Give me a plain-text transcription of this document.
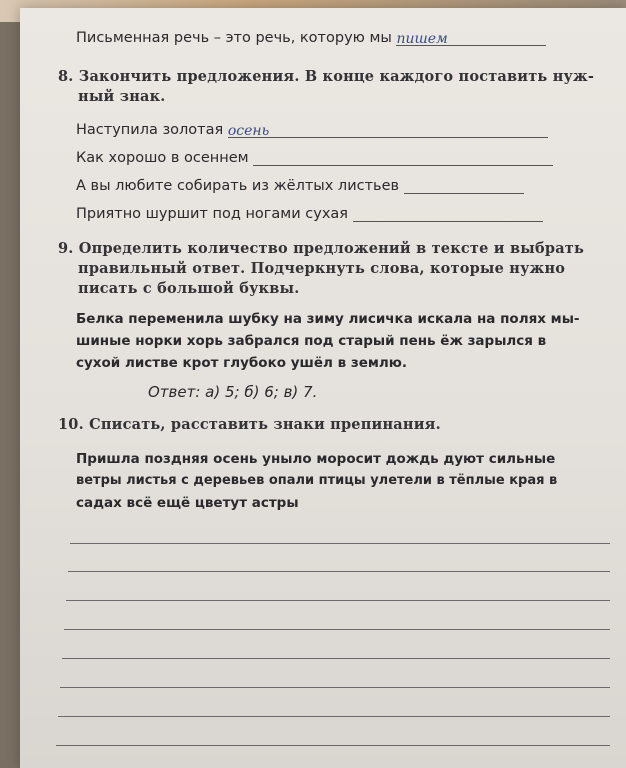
Письменная речь – это речь, которую мы пишем
8. Закончить предложения. В конце каждого поставить нуж-
ный знак.
Наступила золотая осень
Как хорошо в осеннем
А вы любите собирать из жёлтых листьев
Приятно шуршит под ногами сухая
9. Определить количество предложений в тексте и выбрать
правильный ответ. Подчеркнуть слова, которые нужно
писать с большой буквы.
Белка переменила шубку на зиму лисичка искала на полях мы-
шиные норки хорь забрался под старый пень ёж зарылся в
сухой листве крот глубоко ушёл в землю.
Ответ: а) 5; б) 6; в) 7.
10. Списать, расставить знаки препинания.
Пришла поздняя осень уныло моросит дождь дуют сильные
ветры листья с деревьев опали птицы улетели в тёплые края в
садах всё ещё цветут астры
